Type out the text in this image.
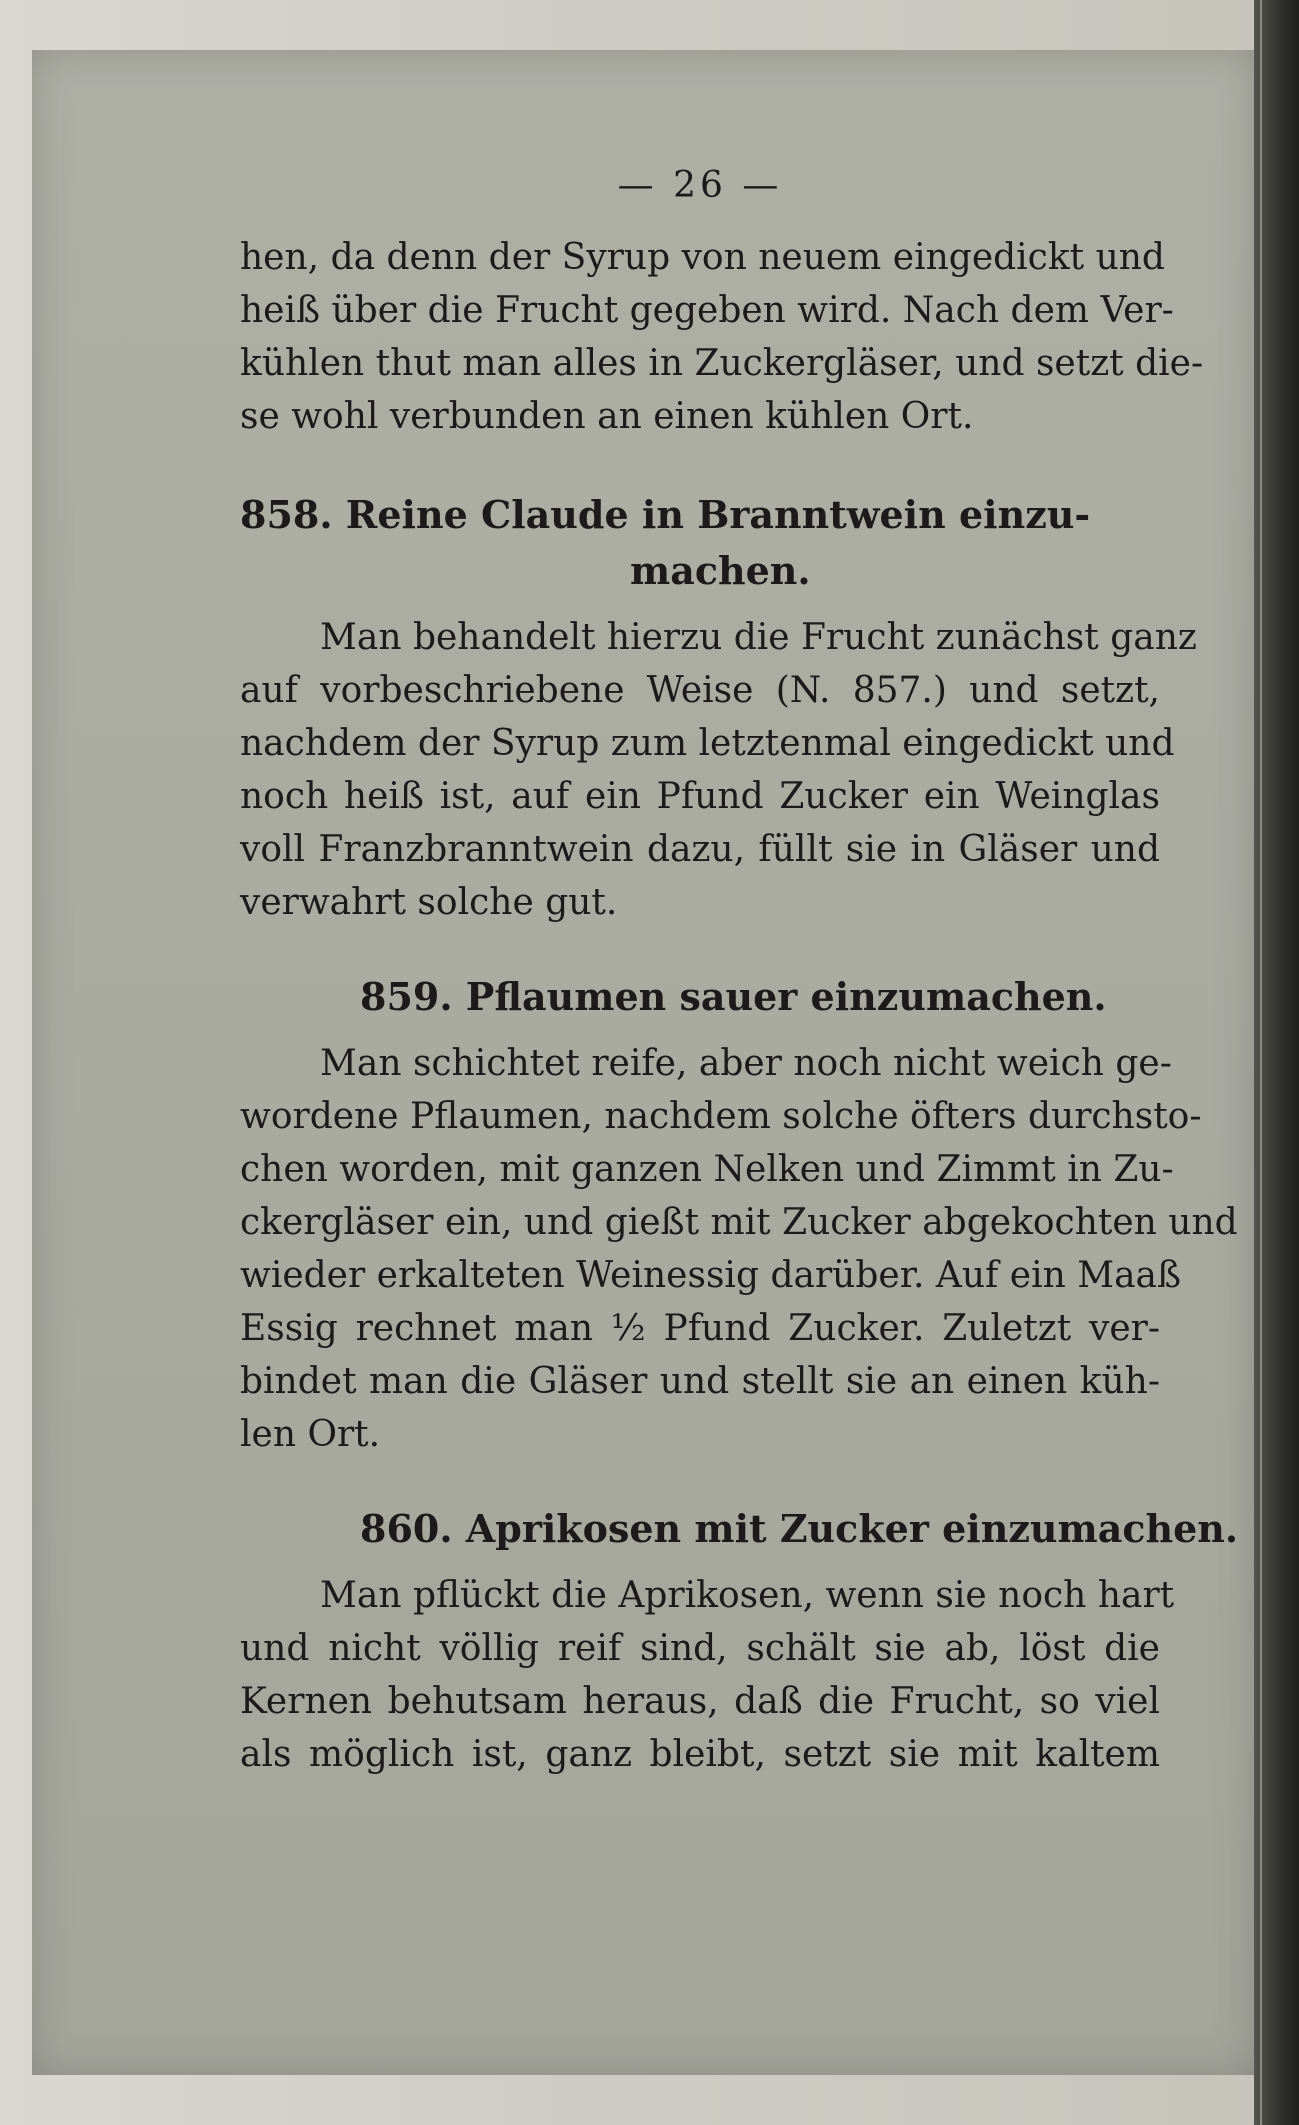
— 26 —
hen, da denn der Syrup von neuem eingedickt und
heiß über die Frucht gegeben wird. Nach dem Ver-
kühlen thut man alles in Zuckergläser, und setzt die-
se wohl verbunden an einen kühlen Ort.
858. Reine Claude in Branntwein einzu-
machen.
Man behandelt hierzu die Frucht zunächst ganz
auf vorbeschriebene Weise (N. 857.) und setzt,
nachdem der Syrup zum letztenmal eingedickt und
noch heiß ist, auf ein Pfund Zucker ein Weinglas
voll Franzbranntwein dazu, füllt sie in Gläser und
verwahrt solche gut.
859. Pflaumen sauer einzumachen.
Man schichtet reife, aber noch nicht weich ge-
wordene Pflaumen, nachdem solche öfters durchsto-
chen worden, mit ganzen Nelken und Zimmt in Zu-
ckergläser ein, und gießt mit Zucker abgekochten und
wieder erkalteten Weinessig darüber. Auf ein Maaß
Essig rechnet man ½ Pfund Zucker. Zuletzt ver-
bindet man die Gläser und stellt sie an einen küh-
len Ort.
860. Aprikosen mit Zucker einzumachen.
Man pflückt die Aprikosen, wenn sie noch hart
und nicht völlig reif sind, schält sie ab, löst die
Kernen behutsam heraus, daß die Frucht, so viel
als möglich ist, ganz bleibt, setzt sie mit kaltem
